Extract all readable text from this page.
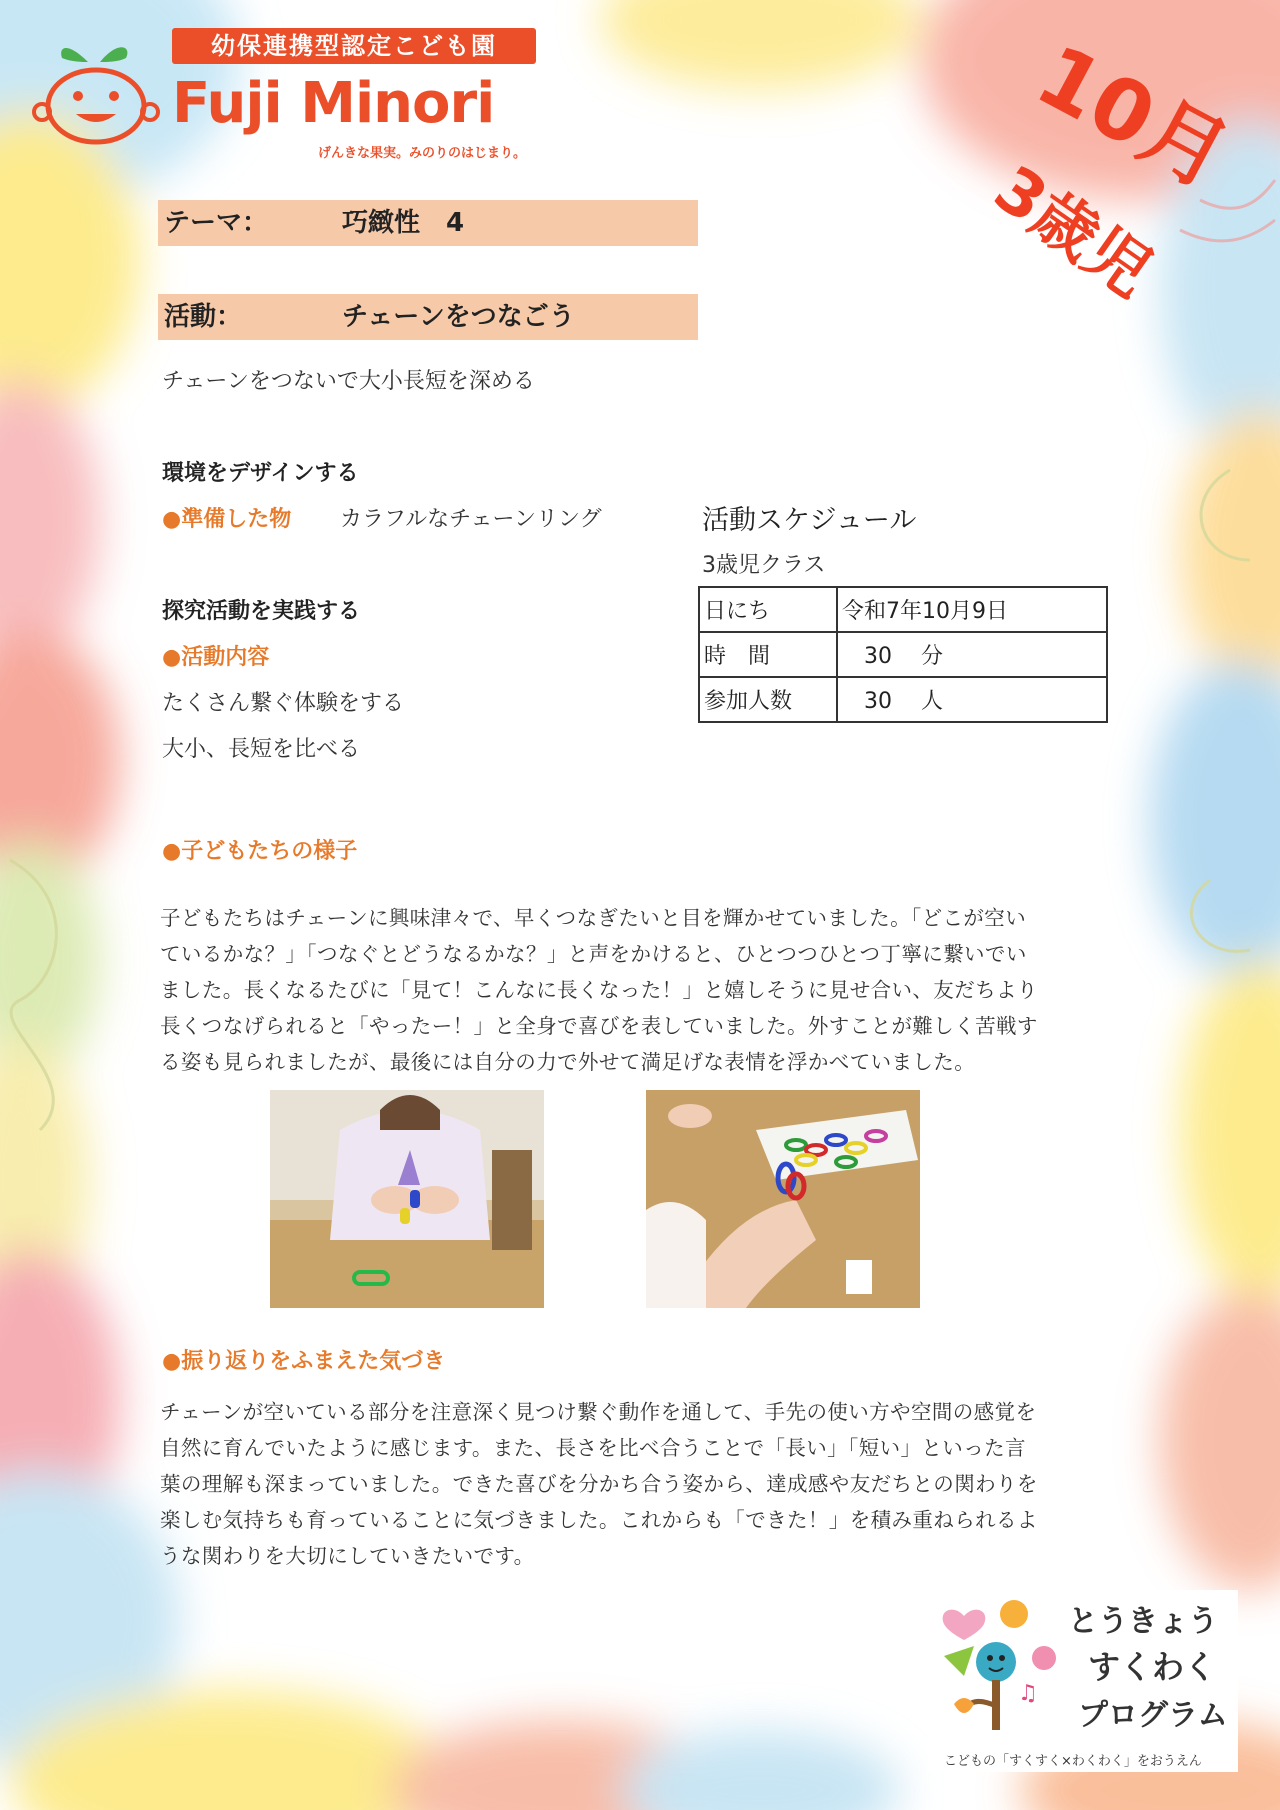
幼保連携型認定こども園
Fuji Minori
げんきな果実。みのりのはじまり。	10月
3歳児
テーマ：	巧緻性　4
活動：	チェーンをつなごう
チェーンをつないで大小長短を深める
環境をデザインする
●準備した物 カラフルなチェーンリング
探究活動を実践する
●活動内容
たくさん繋ぐ体験をする
大小、長短を比べる
活動スケジュール
3歳児クラス
日にち	令和7年10月9日
時　間	　30　 分
参加人数	　30 　人
●子どもたちの様子
子どもたちはチェーンに興味津々で、早くつなぎたいと目を輝かせていました。「どこが空い
ているかな？」「つなぐとどうなるかな？」と声をかけると、ひとつつひとつ丁寧に繋いでい
ました。長くなるたびに「見て！こんなに長くなった！」と嬉しそうに見せ合い、友だちより
長くつなげられると「やったー！」と全身で喜びを表していました。外すことが難しく苦戦す
る姿も見られましたが、最後には自分の力で外せて満足げな表情を浮かべていました。
●振り返りをふまえた気づき
チェーンが空いている部分を注意深く見つけ繋ぐ動作を通して、手先の使い方や空間の感覚を
自然に育んでいたように感じます。また、長さを比べ合うことで「長い」「短い」といった言
葉の理解も深まっていました。できた喜びを分かち合う姿から、達成感や友だちとの関わりを
楽しむ気持ちも育っていることに気づきました。これからも「できた！」を積み重ねられるよ
うな関わりを大切にしていきたいです。
♫
とうきょう
すくわく
プログラム
こどもの「すくすく×わくわく」をおうえん
